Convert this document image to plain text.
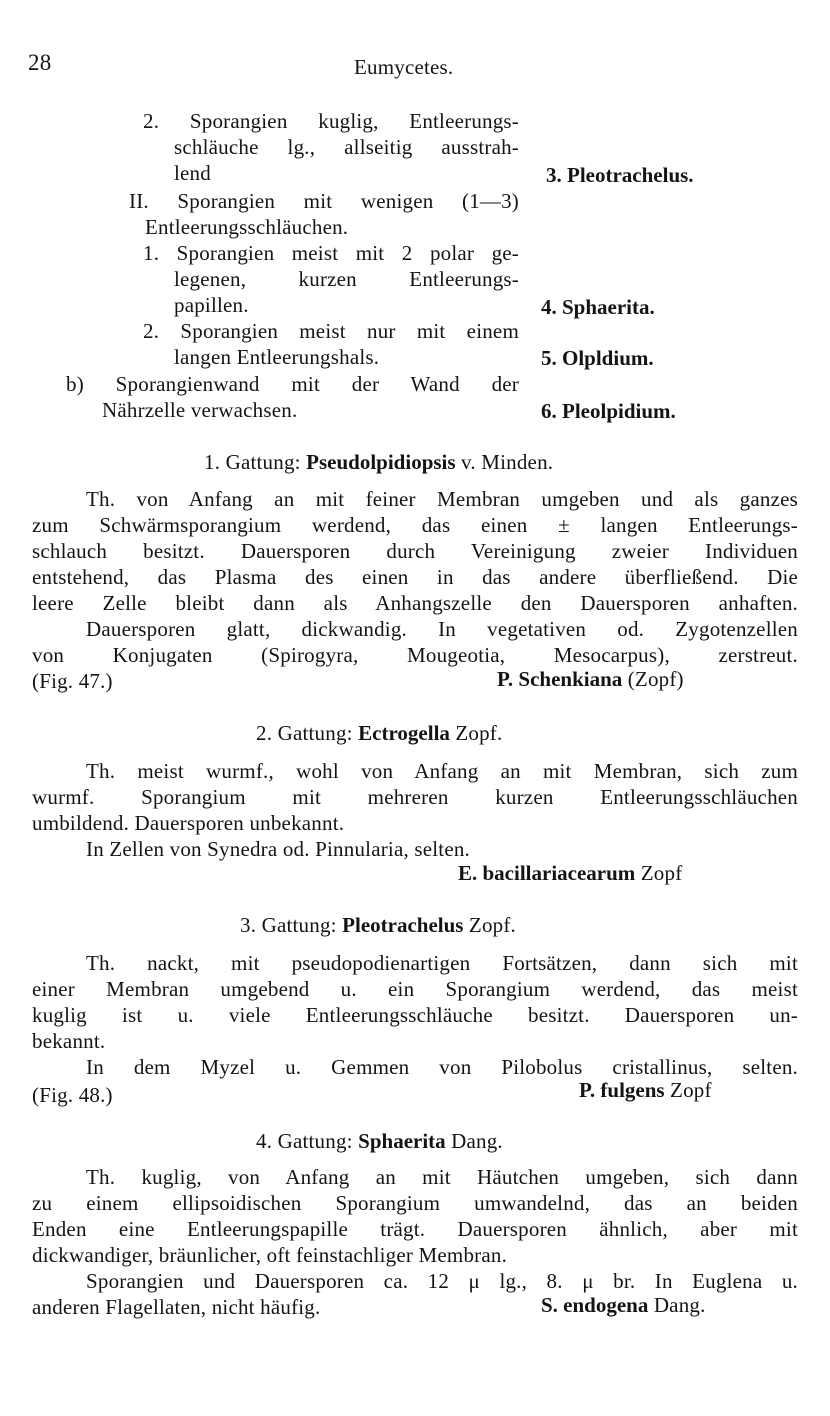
28	Eumycetes.
2. Sporangien kuglig, Entleerungs-
schläuche lg., allseitig ausstrah-
lend	3. Pleotrachelus.
II. Sporangien mit wenigen (1—3)
Entleerungsschläuchen.
1. Sporangien meist mit 2 polar ge-
legenen, kurzen Entleerungs-
papillen.	4. Sphaerita.
2. Sporangien meist nur mit einem
langen Entleerungshals.	5. Olpldium.
b) Sporangienwand mit der Wand der
Nährzelle verwachsen.	6. Pleolpidium.
1. Gattung: Pseudolpidiopsis v. Minden.
Th. von Anfang an mit feiner Membran umgeben und als ganzes
zum Schwärmsporangium werdend, das einen ± langen Entleerungs-
schlauch besitzt. Dauersporen durch Vereinigung zweier Individuen
entstehend, das Plasma des einen in das andere überfließend. Die
leere Zelle bleibt dann als Anhangszelle den Dauersporen anhaften.
Dauersporen glatt, dickwandig. In vegetativen od. Zygotenzellen
von Konjugaten (Spirogyra, Mougeotia, Mesocarpus), zerstreut.
(Fig. 47.)	P. Schenkiana (Zopf)
2. Gattung: Ectrogella Zopf.
Th. meist wurmf., wohl von Anfang an mit Membran, sich zum
wurmf. Sporangium mit mehreren kurzen Entleerungsschläuchen
umbildend. Dauersporen unbekannt.
In Zellen von Synedra od. Pinnularia, selten.
E. bacillariacearum Zopf
3. Gattung: Pleotrachelus Zopf.
Th. nackt, mit pseudopodienartigen Fortsätzen, dann sich mit
einer Membran umgebend u. ein Sporangium werdend, das meist
kuglig ist u. viele Entleerungsschläuche besitzt. Dauersporen un-
bekannt.
In dem Myzel u. Gemmen von Pilobolus cristallinus, selten.
(Fig. 48.)	P. fulgens Zopf
4. Gattung: Sphaerita Dang.
Th. kuglig, von Anfang an mit Häutchen umgeben, sich dann
zu einem ellipsoidischen Sporangium umwandelnd, das an beiden
Enden eine Entleerungspapille trägt. Dauersporen ähnlich, aber mit
dickwandiger, bräunlicher, oft feinstachliger Membran.
Sporangien und Dauersporen ca. 12 μ lg., 8. μ br. In Euglena u.
anderen Flagellaten, nicht häufig.	S. endogena Dang.
